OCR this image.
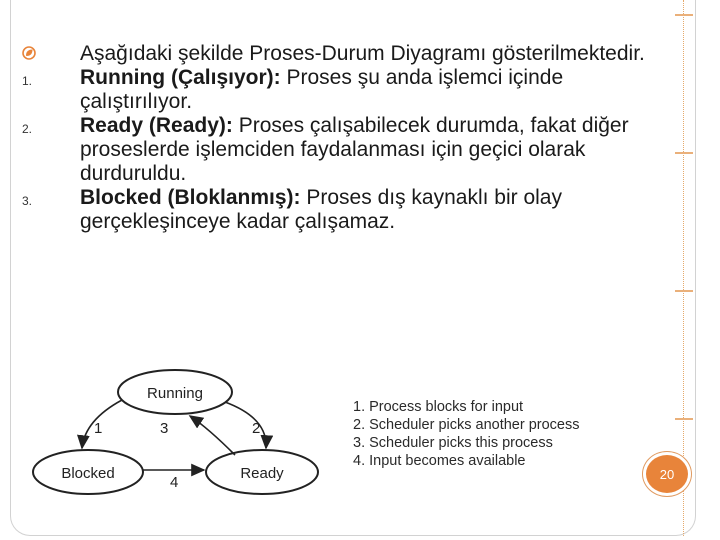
Aşağıdaki şekilde Proses-Durum Diyagramı gösterilmektedir.
1. Running (Çalışıyor): Proses şu anda işlemci içinde çalıştırılıyor.
2. Ready (Ready): Proses çalışabilecek durumda, fakat diğer proseslerde işlemciden faydalanması için geçici olarak durduruldu.
3. Blocked (Bloklanmış): Proses dış kaynaklı bir olay gerçekleşinceye kadar çalışamaz.
Running
Blocked	Ready
1	3	2
4
1. Process blocks for input
2. Scheduler picks another process
3. Scheduler picks this process
4. Input becomes available
20
